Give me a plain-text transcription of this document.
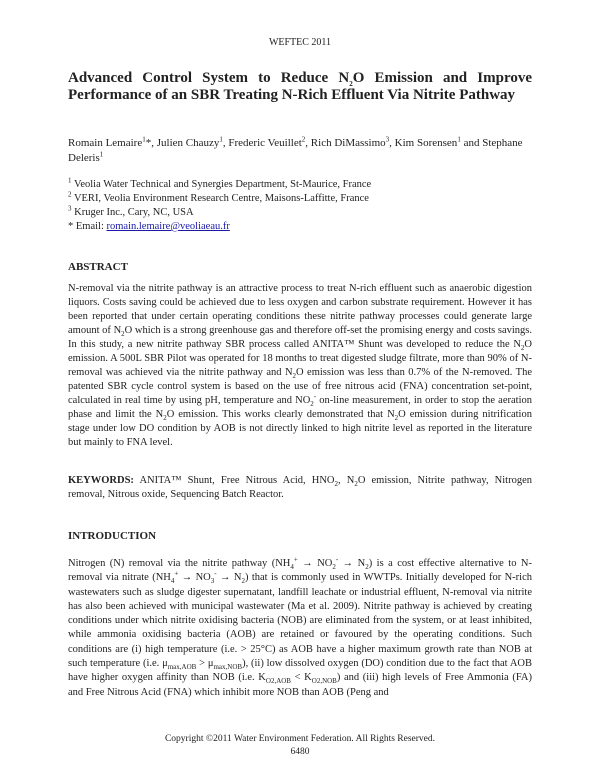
WEFTEC 2011
Advanced Control System to Reduce $N_2O$ Emission and Improve Performance of an SBR Treating N-Rich Effluent Via Nitrite Pathway
Romain Lemaire$^1$*, Julien Chauzy$^1$, Frederic Veuillet$^2$, Rich DiMassimo$^3$, Kim Sorensen$^1$ and Stephane Deleris$^1$
$^1$ Veolia Water Technical and Synergies Department, St-Maurice, France
$^2$ VERI, Veolia Environment Research Centre, Maisons-Laffitte, France
$^3$ Kruger Inc., Cary, NC, USA
* Email: romain.lemaire@veoliaeau.fr
ABSTRACT
N-removal via the nitrite pathway is an attractive process to treat N-rich effluent such as anaerobic digestion liquors. Costs saving could be achieved due to less oxygen and carbon substrate requirement. However it has been reported that under certain operating conditions these nitrite pathway processes could generate large amount of $N_2O$ which is a strong greenhouse gas and therefore off-set the promising energy and costs savings. In this study, a new nitrite pathway SBR process called ANITA™ Shunt was developed to reduce the $N_2O$ emission. A 500L SBR Pilot was operated for 18 months to treat digested sludge filtrate, more than 90% of N-removal was achieved via the nitrite pathway and $N_2O$ emission was less than 0.7% of the N-removed. The patented SBR cycle control system is based on the use of free nitrous acid (FNA) concentration set-point, calculated in real time by using pH, temperature and $NO_2^-$ on-line measurement, in order to stop the aeration phase and limit the $N_2O$ emission. This works clearly demonstrated that $N_2O$ emission during nitrification stage under low DO condition by AOB is not directly linked to high nitrite level as reported in the literature but mainly to FNA level.
KEYWORDS: ANITA™ Shunt, Free Nitrous Acid, $HNO_2$, $N_2O$ emission, Nitrite pathway, Nitrogen removal, Nitrous oxide, Sequencing Batch Reactor.
INTRODUCTION
Nitrogen (N) removal via the nitrite pathway $(NH_4^+ \to NO_2^- \to N_2)$ is a cost effective alternative to N-removal via nitrate $(NH_4^+ \to NO_3^- \to N_2)$ that is commonly used in WWTPs. Initially developed for N-rich wastewaters such as sludge digester supernatant, landfill leachate or industrial effluent, N-removal via nitrite has also been achieved with municipal wastewater (Ma et al. 2009). Nitrite pathway is achieved by creating conditions under which nitrite oxidising bacteria (NOB) are eliminated from the system, or at least inhibited, while ammonia oxidising bacteria (AOB) are retained or favoured by the operating conditions. Such conditions are (i) high temperature (i.e. > 25°C) as AOB have a higher maximum growth rate than NOB at such temperature (i.e. $\mu_{max,AOB} > \mu_{max,NOB}$), (ii) low dissolved oxygen (DO) condition due to the fact that AOB have higher oxygen affinity than NOB (i.e. $K_{O2,AOB} < K_{O2,NOB}$) and (iii) high levels of Free Ammonia (FA) and Free Nitrous Acid (FNA) which inhibit more NOB than AOB (Peng and
Copyright ©2011 Water Environment Federation. All Rights Reserved.
6480
